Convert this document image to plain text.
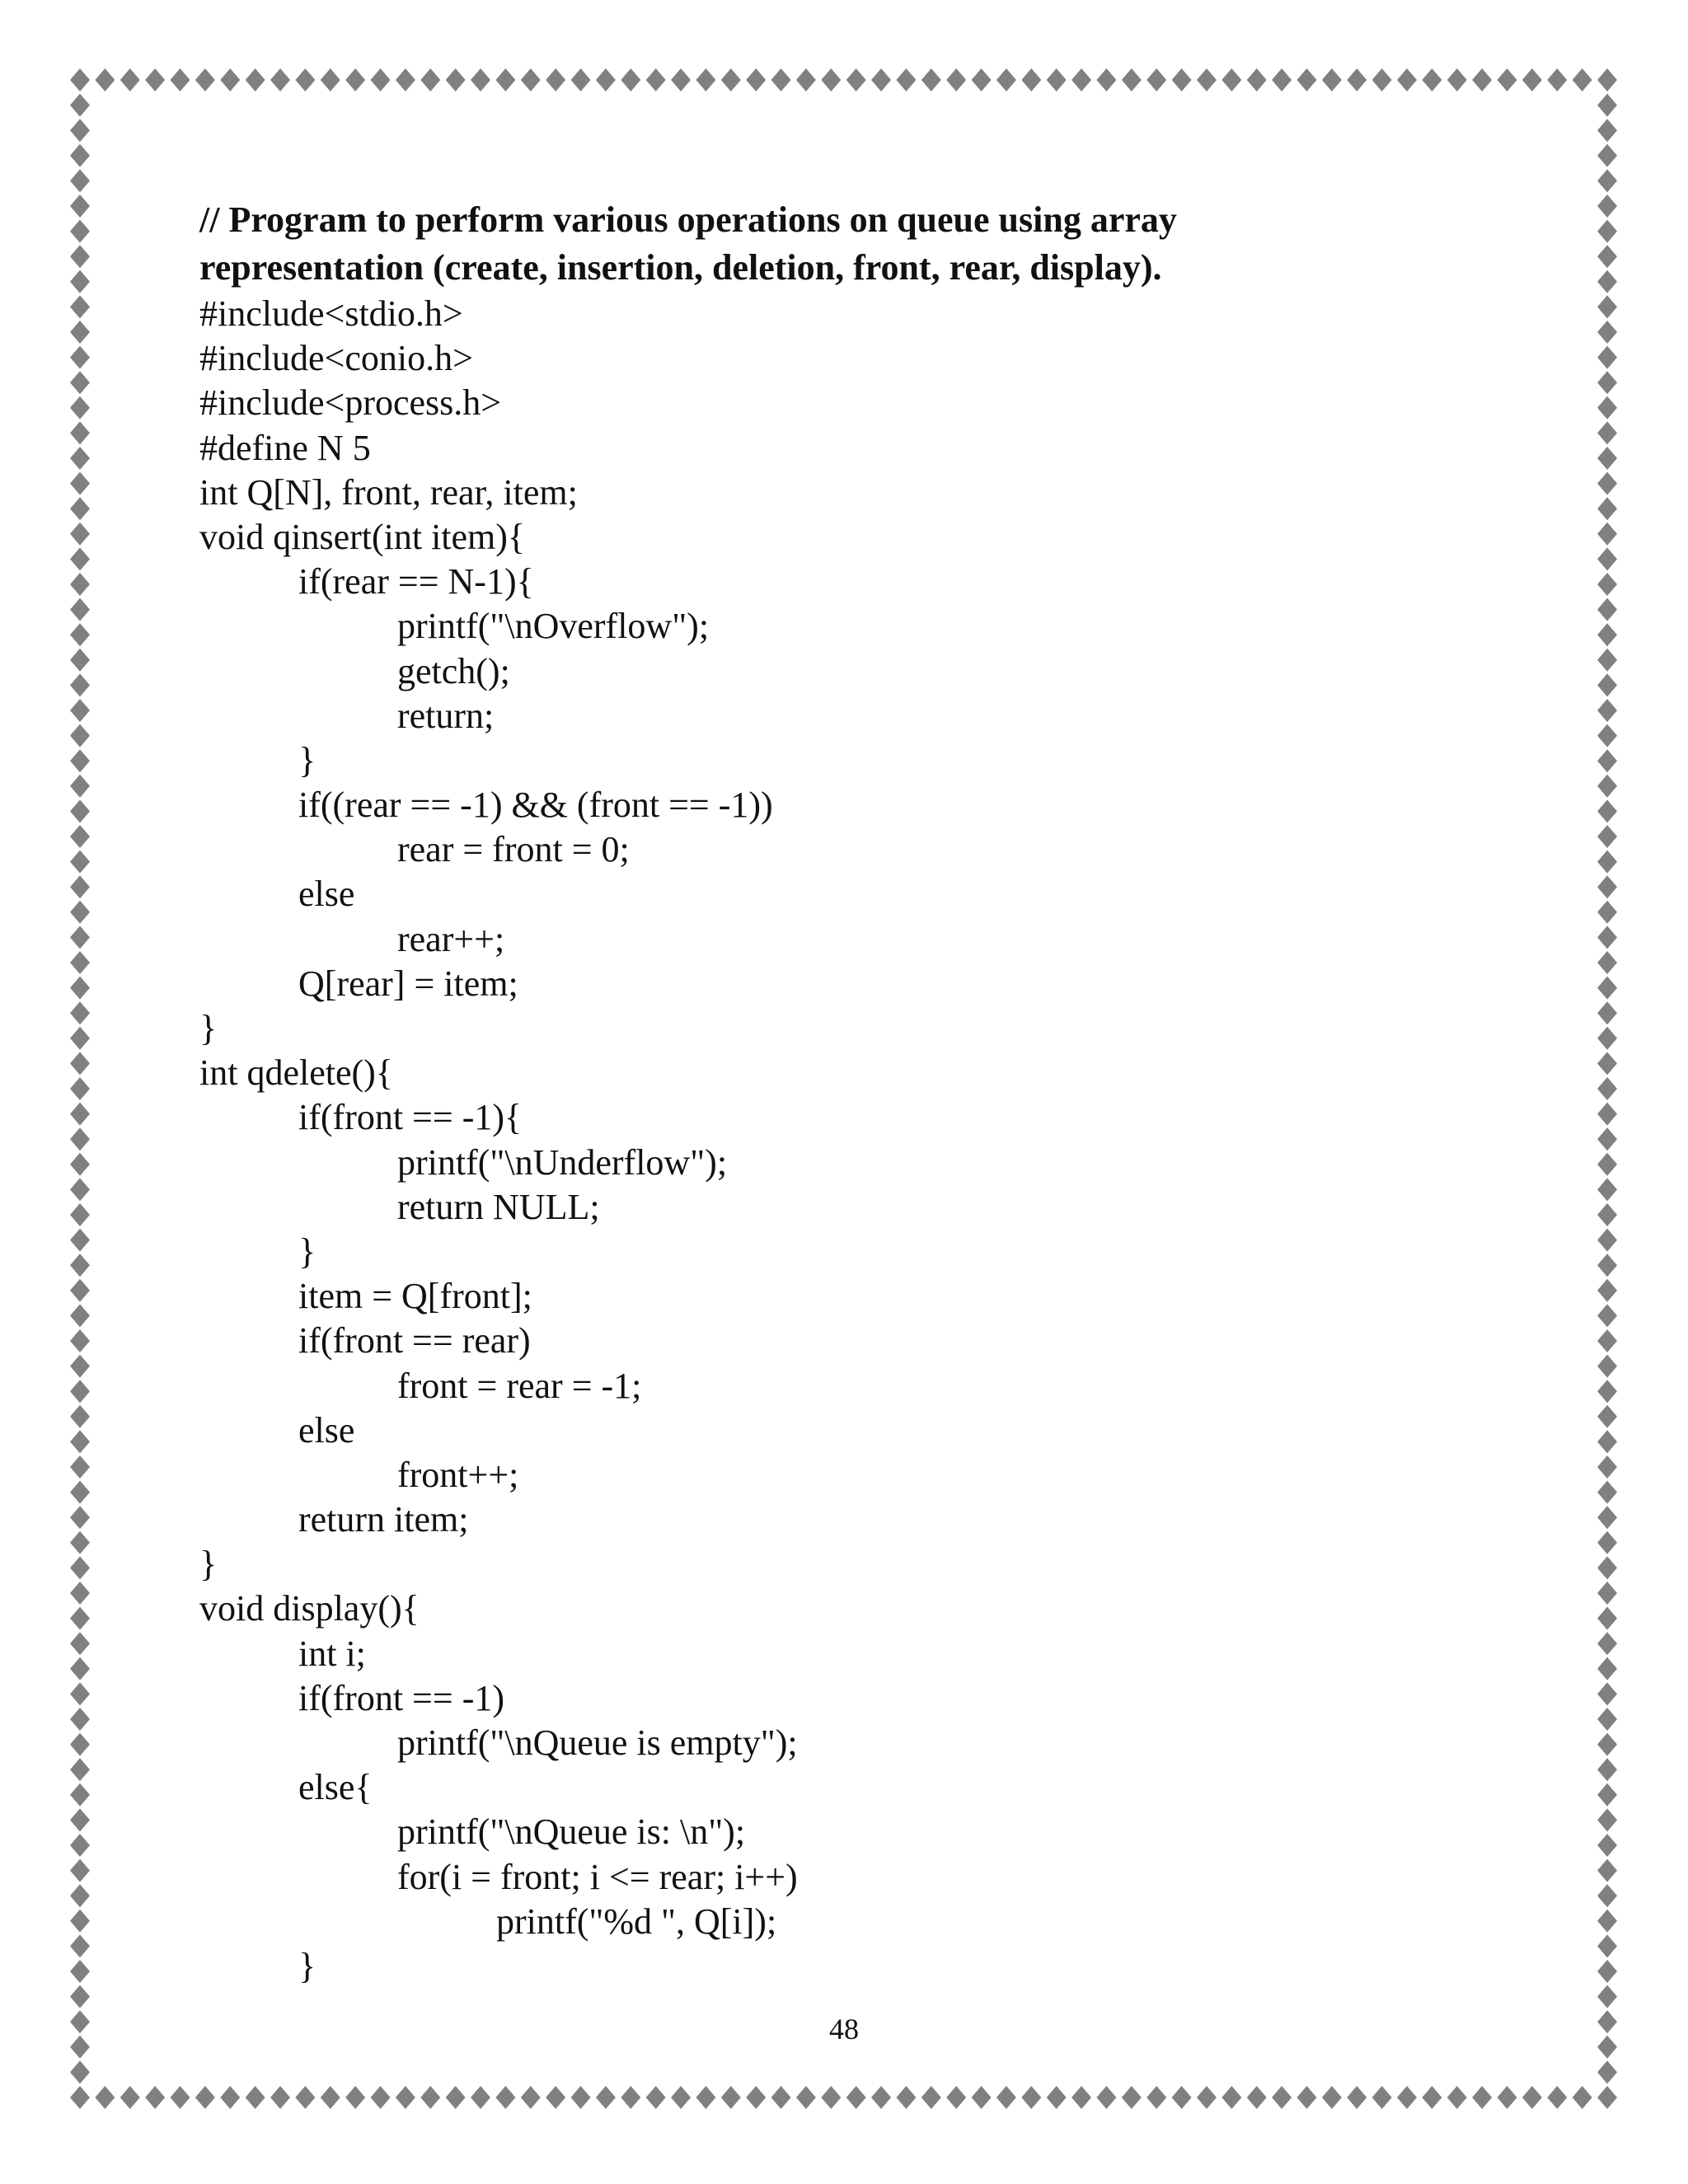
// Program to perform various operations on queue using array
representation (create, insertion, deletion, front, rear, display).
#include<stdio.h>
#include<conio.h>
#include<process.h>
#define N 5
int Q[N], front, rear, item;
void qinsert(int item){
if(rear == N-1){
printf("\nOverflow");
getch();
return;
}
if((rear == -1) && (front == -1))
rear = front = 0;
else
rear++;
Q[rear] = item;
}
int qdelete(){
if(front == -1){
printf("\nUnderflow");
return NULL;
}
item = Q[front];
if(front == rear)
front = rear = -1;
else
front++;
return item;
}
void display(){
int i;
if(front == -1)
printf("\nQueue is empty");
else{
printf("\nQueue is: \n");
for(i = front; i <= rear; i++)
printf("%d ", Q[i]);
}
48
